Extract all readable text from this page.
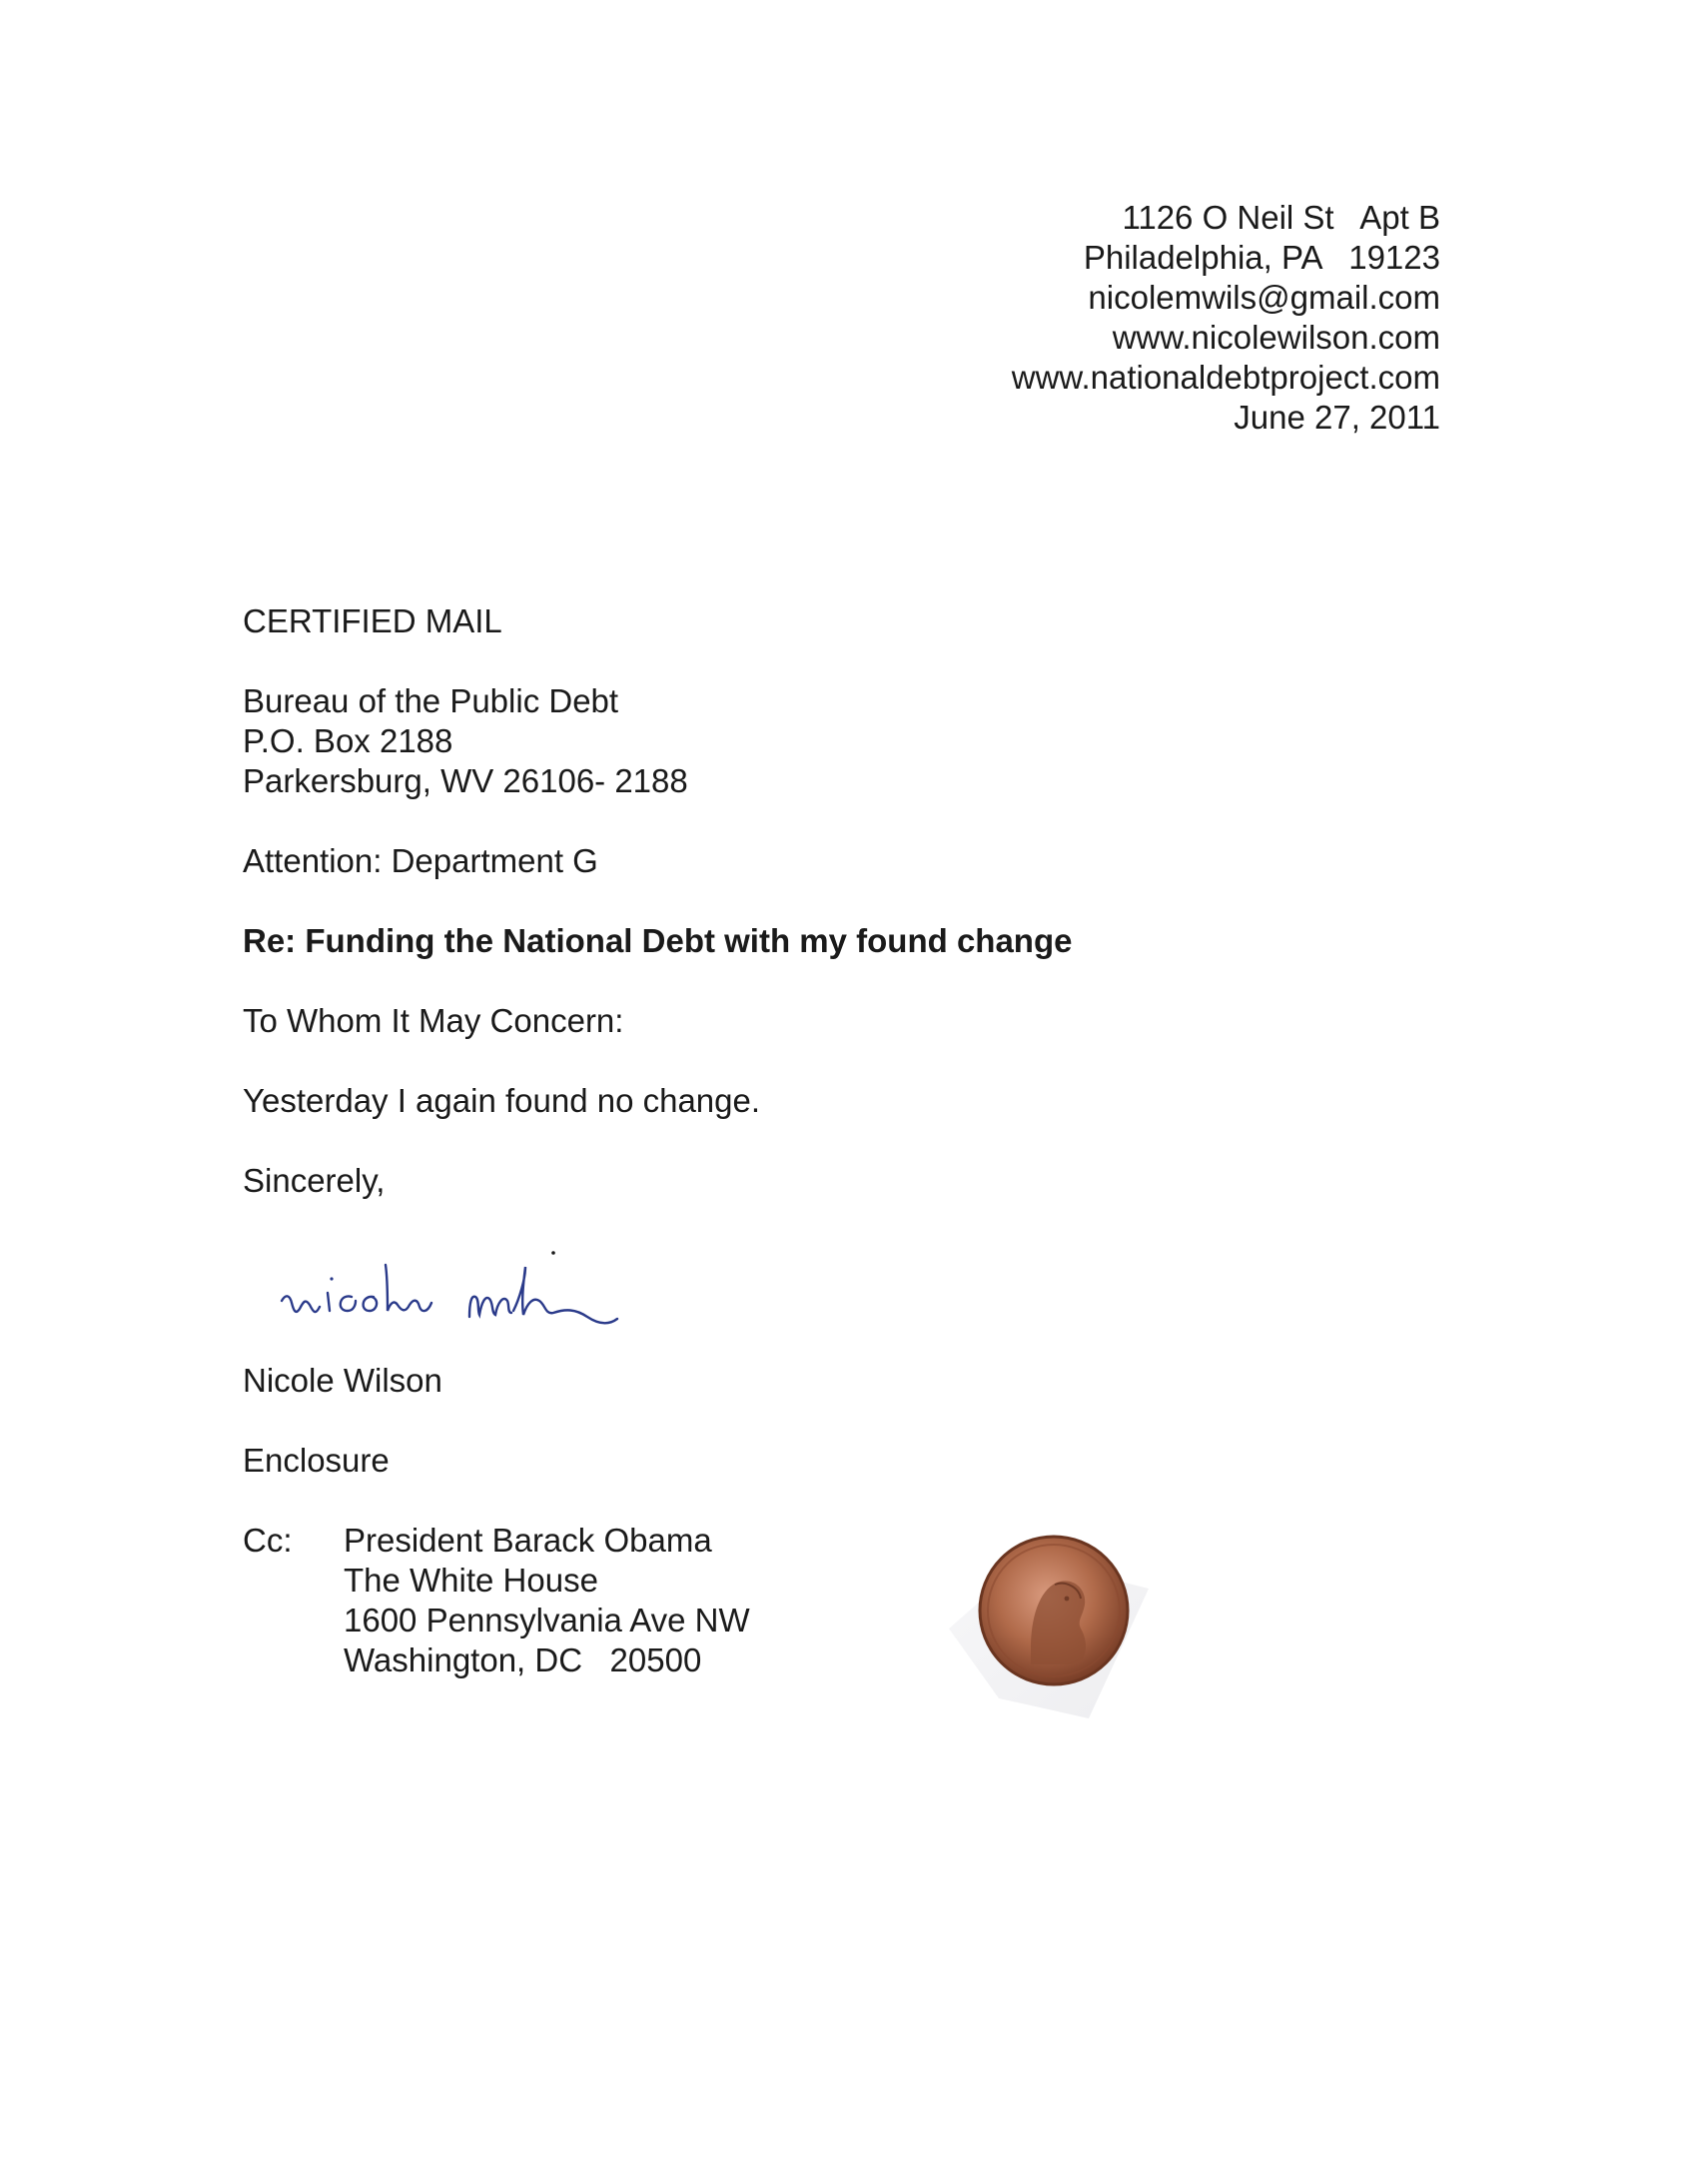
1126 O Neil St   Apt B
Philadelphia, PA   19123
nicolemwils@gmail.com
www.nicolewilson.com
www.nationaldebtproject.com
June 27, 2011
CERTIFIED MAIL
Bureau of the Public Debt
P.O. Box 2188
Parkersburg, WV 26106- 2188
Attention: Department G
Re: Funding the National Debt with my found change
To Whom It May Concern:
Yesterday I again found no change.
Sincerely,
Nicole Wilson
Enclosure
Cc: President Barack Obama
The White House
1600 Pennsylvania Ave NW
Washington, DC   20500
